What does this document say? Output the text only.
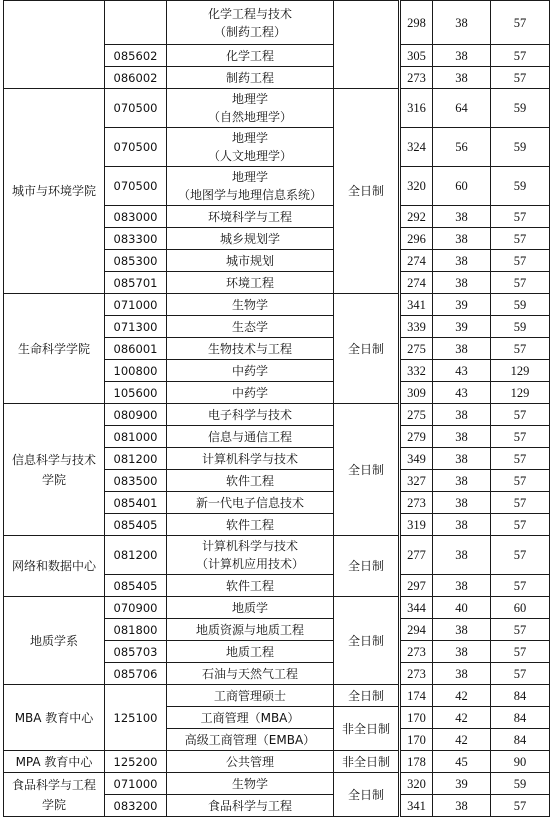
		化学工程与技术
（制药工程）		298	38	57

	085602	化学工程		305	38	57

	086002	制药工程		273	38	57

城市与环境学院	070500	地理学
（自然地理学）	全日制	316	64	59

	070500	地理学
（人文地理学）		324	56	59

	070500	地理学
（地图学与地理信息系统）		320	60	59

	083000	环境科学与工程		292	38	57

	083300	城乡规划学		296	38	57

	085300	城市规划		274	38	57

	085701	环境工程		274	38	57

生命科学学院	071000	生物学	全日制	341	39	59

	071300	生态学		339	39	59

	086001	生物技术与工程		275	38	57

	100800	中药学		332	43	129

	105600	中药学		309	43	129

信息科学与技术
学院	080900	电子科学与技术	全日制	275	38	57

	081000	信息与通信工程		279	38	57

	081200	计算机科学与技术		349	38	57

	083500	软件工程		327	38	57

	085401	新一代电子信息技术		273	38	57

	085405	软件工程		319	38	57

网络和数据中心	081200	计算机科学与技术
（计算机应用技术）	全日制	277	38	57

	085405	软件工程		297	38	57

地质学系	070900	地质学	全日制	344	40	60

	081800	地质资源与地质工程		294	38	57

	085703	地质工程		273	38	57

	085706	石油与天然气工程		273	38	57

MBA 教育中心	125100	工商管理硕士	全日制	174	42	84

		工商管理（MBA）	非全日制	170	42	84

		高级工商管理（EMBA）		170	42	84

MPA 教育中心	125200	公共管理	非全日制	178	45	90

食品科学与工程
学院	071000	生物学	全日制	320	39	59

	083200	食品科学与工程		341	38	57
